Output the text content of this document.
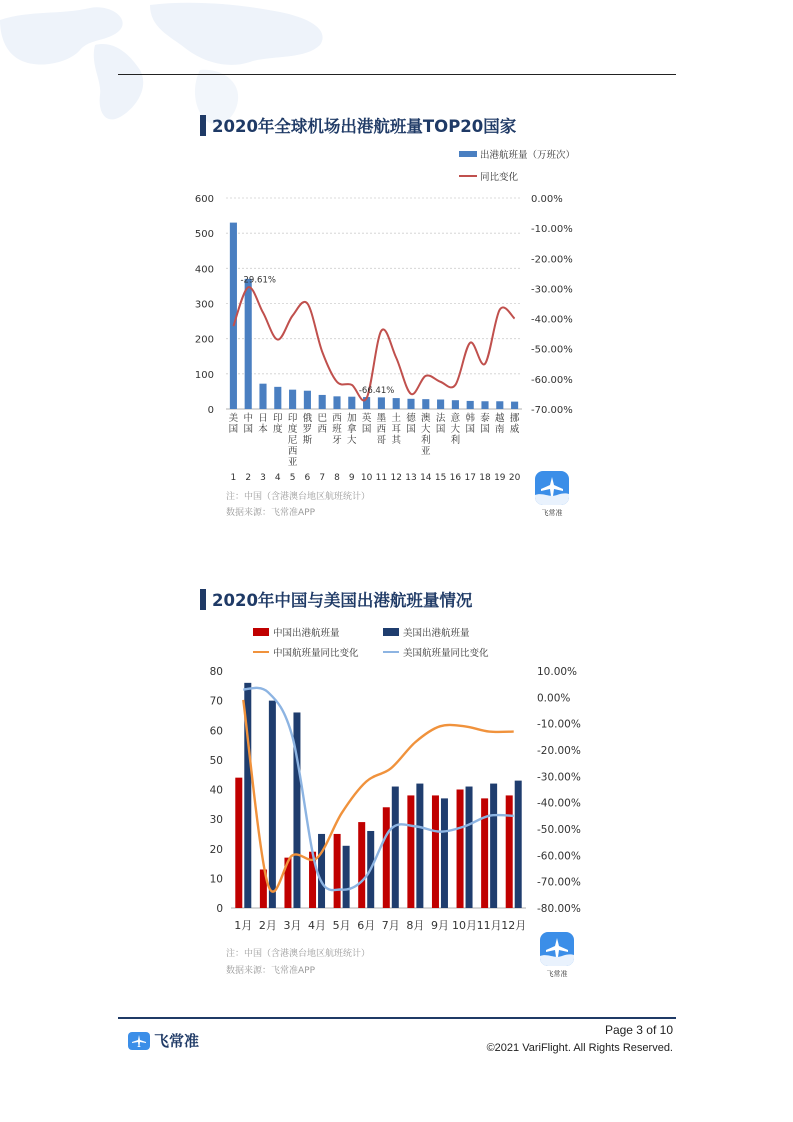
2020年全球机场出港航班量TOP20国家
出港航班量（万班次）
同比变化
0
100
200
300
400
500
600
-70.00%
-60.00%
-50.00%
-40.00%
-30.00%
-20.00%
-10.00%
0.00%
-29.61%
-66.41%
美
国
中
国
日
本
印
度
印
度
尼
西
亚
俄
罗
斯
巴
西
西
班
牙
加
拿
大
英
国
墨
西
哥
土
耳
其
德
国
澳
大
利
亚
法
国
意
大
利
韩
国
泰
国
越
南
挪
威
1 2 3 4 5 6 7 8 9 10 11 12 13 14 15 16 17 18 19 20
注：中国（含港澳台地区航班统计）
数据来源：飞常准APP	飞常准
2020年中国与美国出港航班量情况
中国出港航班量	美国出港航班量
中国航班量同比变化	美国航班量同比变化
0
10
20
30
40
50
60
70
80
-80.00%
-70.00%
-60.00%
-50.00%
-40.00%
-30.00%
-20.00%
-10.00%
0.00%
10.00%
1月 2月 3月 4月 5月 6月 7月 8月 9月 10月 11月 12月
注：中国（含港澳台地区航班统计）
数据来源：飞常准APP	飞常准
飞常准
Page 3 of 10
©2021 VariFlight. All Rights Reserved.
